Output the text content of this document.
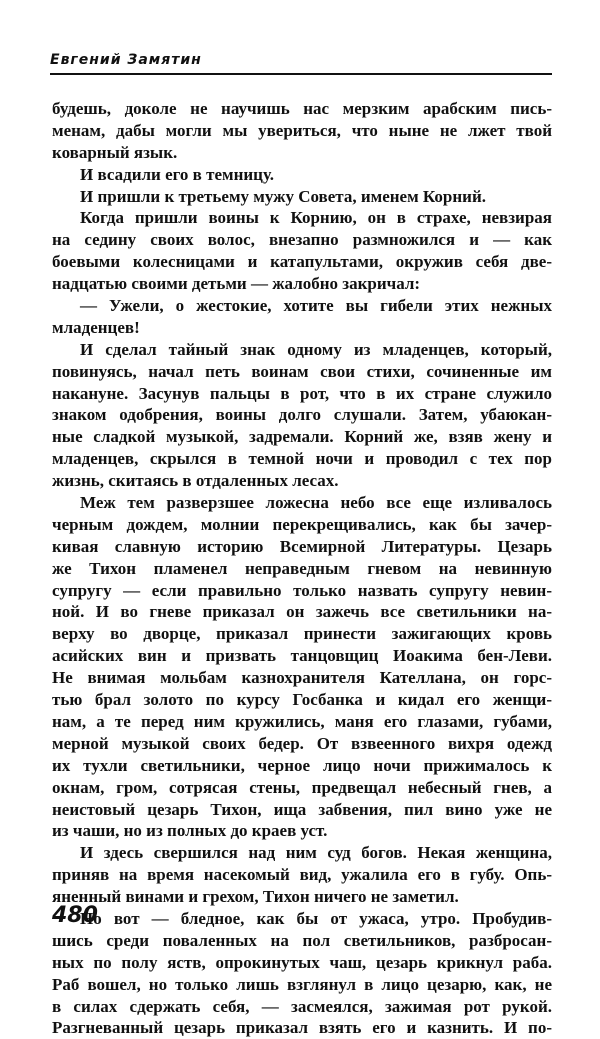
Евгений Замятин
будешь, доколе не научишь нас мерзким арабским пись-
менам, дабы могли мы увериться, что ныне не лжет твой
коварный язык.
И всадили его в темницу.
И пришли к третьему мужу Совета, именем Корний.
Когда пришли воины к Корнию, он в страхе, невзирая
на седину своих волос, внезапно размножился и — как
боевыми колесницами и катапультами, окружив себя две-
надцатью своими детьми — жалобно закричал:
— Ужели, о жестокие, хотите вы гибели этих нежных
младенцев!
И сделал тайный знак одному из младенцев, который,
повинуясь, начал петь воинам свои стихи, сочиненные им
накануне. Засунув пальцы в рот, что в их стране служило
знаком одобрения, воины долго слушали. Затем, убаюкан-
ные сладкой музыкой, задремали. Корний же, взяв жену и
младенцев, скрылся в темной ночи и проводил с тех пор
жизнь, скитаясь в отдаленных лесах.
Меж тем разверзшее ложесна небо все еще изливалось
черным дождем, молнии перекрещивались, как бы зачер-
кивая славную историю Всемирной Литературы. Цезарь
же Тихон пламенел неправедным гневом на невинную
супругу — если правильно только назвать супругу невин-
ной. И во гневе приказал он зажечь все светильники на-
верху во дворце, приказал принести зажигающих кровь
асийских вин и призвать танцовщиц Иоакима бен-Леви.
Не внимая мольбам казнохранителя Кателлана, он горс-
тью брал золото по курсу Госбанка и кидал его женщи-
нам, а те перед ним кружились, маня его глазами, губами,
мерной музыкой своих бедер. От взвеенного вихря одежд
их тухли светильники, черное лицо ночи прижималось к
окнам, гром, сотрясая стены, предвещал небесный гнев, а
неистовый цезарь Тихон, ища забвения, пил вино уже не
из чаши, но из полных до краев уст.
И здесь свершился над ним суд богов. Некая женщина,
приняв на время насекомый вид, ужалила его в губу. Опь-
яненный винами и грехом, Тихон ничего не заметил.
Но вот — бледное, как бы от ужаса, утро. Пробудив-
шись среди поваленных на пол светильников, разбросан-
ных по полу яств, опрокинутых чаш, цезарь крикнул раба.
Раб вошел, но только лишь взглянул в лицо цезарю, как, не
в силах сдержать себя, — засмеялся, зажимая рот рукой.
Разгневанный цезарь приказал взять его и казнить. И по-
480
